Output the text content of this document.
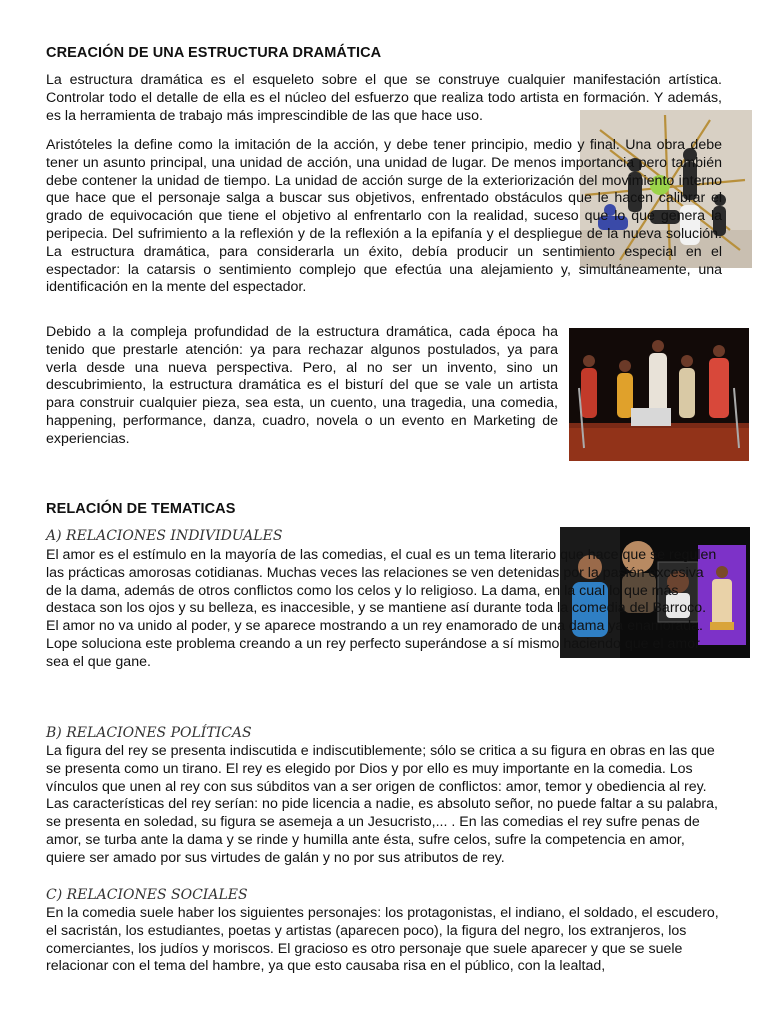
CREACIÓN DE UNA ESTRUCTURA DRAMÁTICA

La estructura dramática es el esqueleto sobre el que se construye cualquier manifestación artística. Controlar todo el detalle de ella es el núcleo del esfuerzo que realiza todo artista en formación. Y además, es la herramienta de trabajo más imprescindible de las que hace uso.

Aristóteles la define como la imitación de la acción, y debe tener principio, medio y final. Una obra debe tener un asunto principal, una unidad de acción, una unidad de lugar. De menos importancia pero también debe contener la unidad de tiempo. La unidad de acción surge de la exteriorización del movimiento interno que hace que el personaje salga a buscar sus objetivos, enfrentado obstáculos que le hacen calibrar el grado de equivocación que tiene el objetivo al enfrentarlo con la realidad, suceso que lo que genera la peripecia. Del sufrimiento a la reflexión y de la reflexión a la epifanía y el despliegue de la nueva solución. La estructura dramática, para considerarla un éxito, debía producir un sentimiento especial en el espectador: la catarsis o sentimiento complejo que efectúa una alejamiento y, simultáneamente, una identificación en la mente del espectador.

Debido a la compleja profundidad de la estructura dramática, cada época ha tenido que prestarle atención: ya para rechazar algunos postulados, ya para verla desde una nueva perspectiva. Pero, al no ser un invento, sino un descubrimiento, la estructura dramática es el bisturí del que se vale un artista para construir cualquier pieza, sea esta, un cuento, una tragedia, una comedia, happening, performance, danza, cuadro, novela o un evento en Marketing de experiencias.

RELACIÓN DE TEMATICAS

A) RELACIONES INDIVIDUALES

El amor es el estímulo en la mayoría de las comedias, el cual es un tema literario que hace que se regulen las prácticas amorosas cotidianas. Muchas veces las relaciones se ven detenidas por la pasión excesiva de la dama, además de otros conflictos como los celos y lo religioso. La dama, en la cual lo que más destaca son los ojos y su belleza, es inaccesible, y se mantiene así durante toda la comedia del Barroco. El amor no va unido al poder, y se aparece mostrando a un rey enamorado de una dama ya enamorada. Lope soluciona este problema creando a un rey perfecto superándose a sí mismo haciendo que el amor sea el que gane.

B) RELACIONES POLÍTICAS

La figura del rey se presenta indiscutida e indiscutiblemente; sólo se critica a su figura en obras en las que se presenta como un tirano. El rey es elegido por Dios y por ello es muy importante en la comedia. Los vínculos que unen al rey con sus súbditos van a ser origen de conflictos: amor, temor y obediencia al rey. Las características del rey serían: no pide licencia a nadie, es absoluto señor, no puede faltar a su palabra, se presenta en soledad, su figura se asemeja a un Jesucristo,... . En las comedias el rey sufre penas de amor, se turba ante la dama y se rinde y humilla ante ésta, sufre celos, sufre la competencia en amor, quiere ser amado por sus virtudes de galán y no por sus atributos de rey.

C) RELACIONES SOCIALES

En la comedia suele haber los siguientes personajes: los protagonistas, el indiano, el soldado, el escudero, el sacristán, los estudiantes, poetas y artistas (aparecen poco), la figura del negro, los extranjeros, los comerciantes, los judíos y moriscos. El gracioso es otro personaje que suele aparecer y que se suele relacionar con el tema del hambre, ya que esto causaba risa en el público, con la lealtad,
